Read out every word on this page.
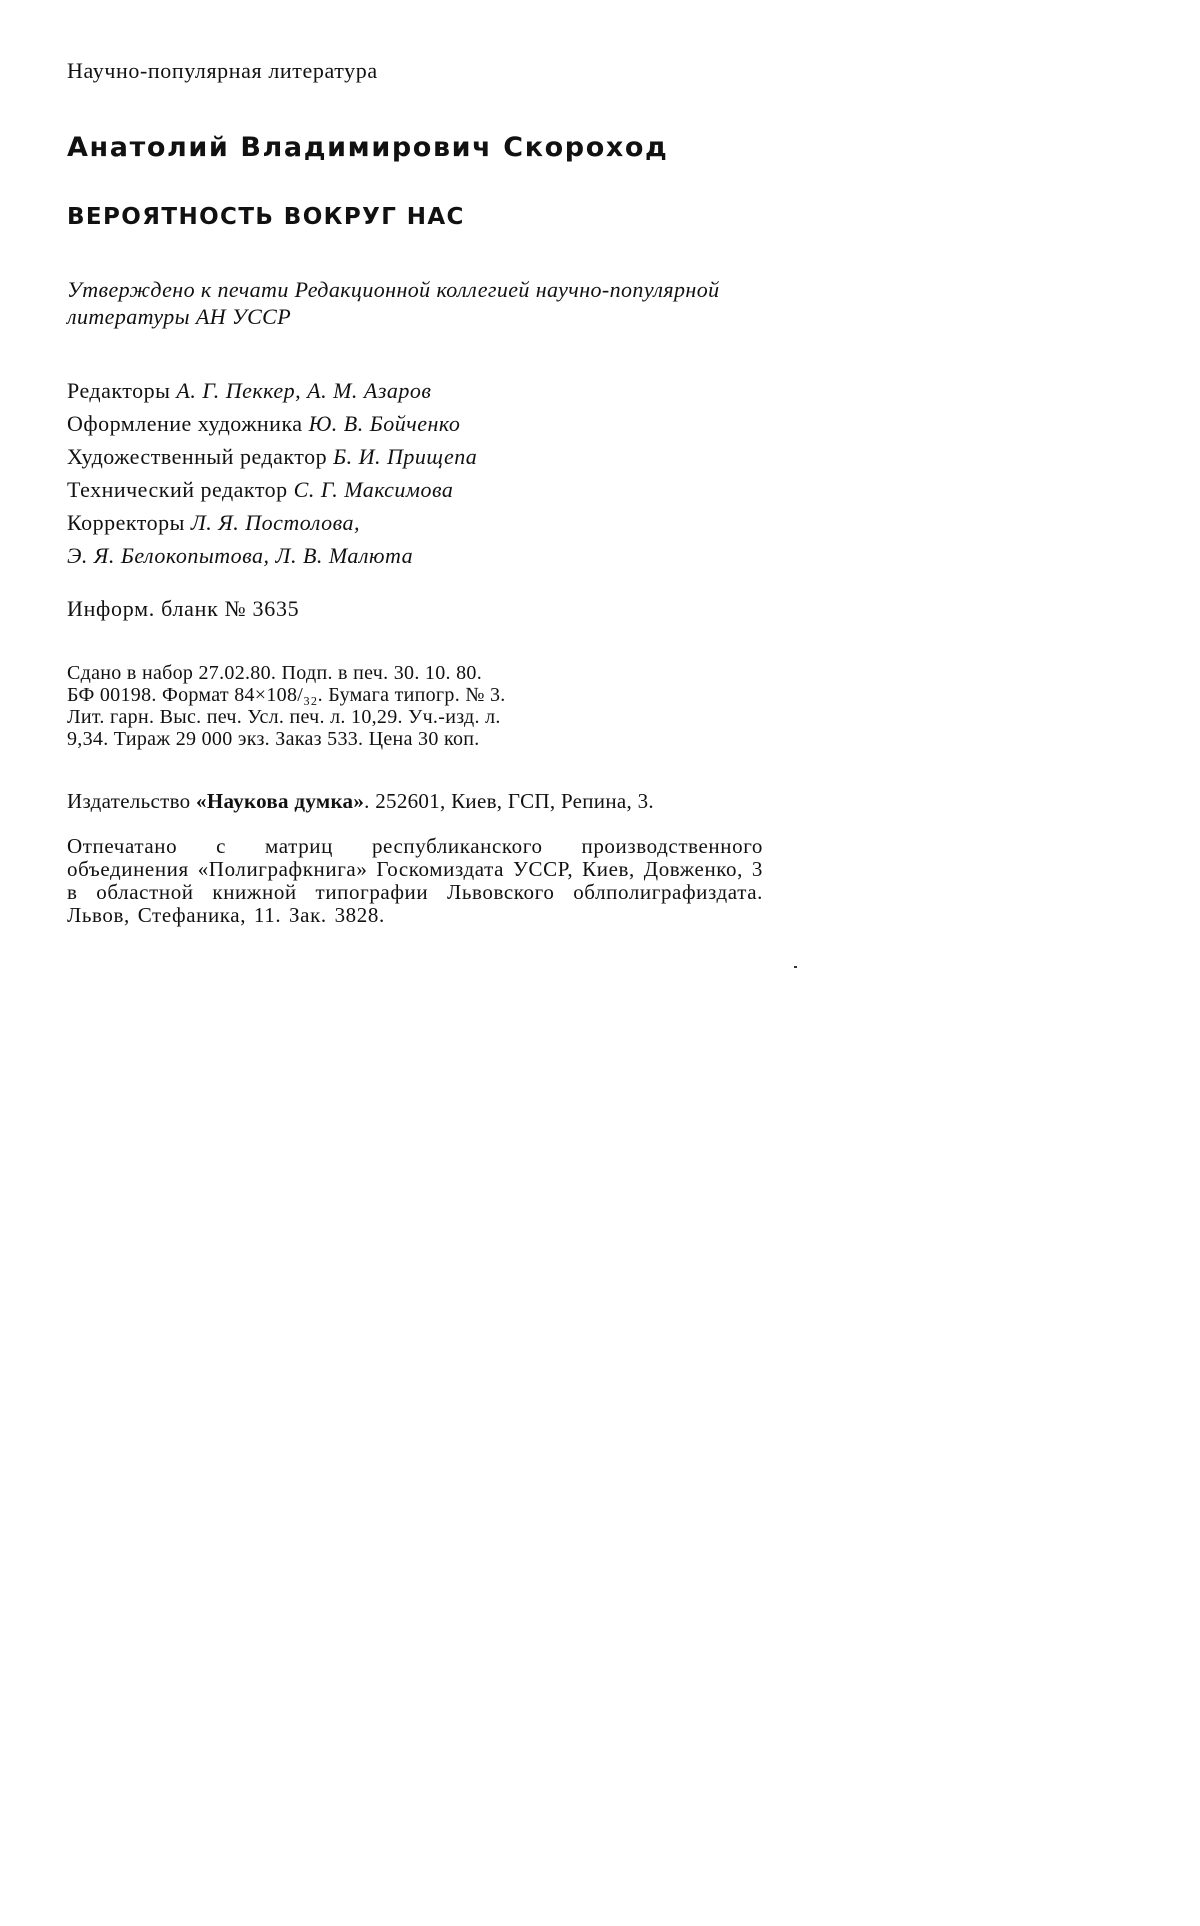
Научно-популярная литература
Анатолий Владимирович Скороход
ВЕРОЯТНОСТЬ ВОКРУГ НАС
Утверждено к печати Редакционной коллегией научно-популярной литературы АН УССР
Редакторы А. Г. Пеккер, А. М. Азаров
Оформление художника Ю. В. Бойченко
Художественный редактор Б. И. Прищепа
Технический редактор С. Г. Максимова
Корректоры Л. Я. Постолова,
Э. Я. Белокопытова, Л. В. Малюта
Информ. бланк № 3635
Сдано в набор 27.02.80. Подп. в печ. 30. 10. 80.
БФ 00198. Формат 84×108/₃₂. Бумага типогр. № 3.
Лит. гарн. Выс. печ. Усл. печ. л. 10,29. Уч.-изд. л.
9,34. Тираж 29 000 экз. Заказ 533. Цена 30 коп.
Издательство «Наукова думка». 252601, Киев, ГСП, Репина, 3.
Отпечатано с матриц республиканского производственного объединения «Полиграфкнига» Госкомиздата УССР, Киев, Довженко, 3 в областной книжной типографии Львовского облполиграфиздата. Львов, Стефаника, 11. Зак. 3828.
